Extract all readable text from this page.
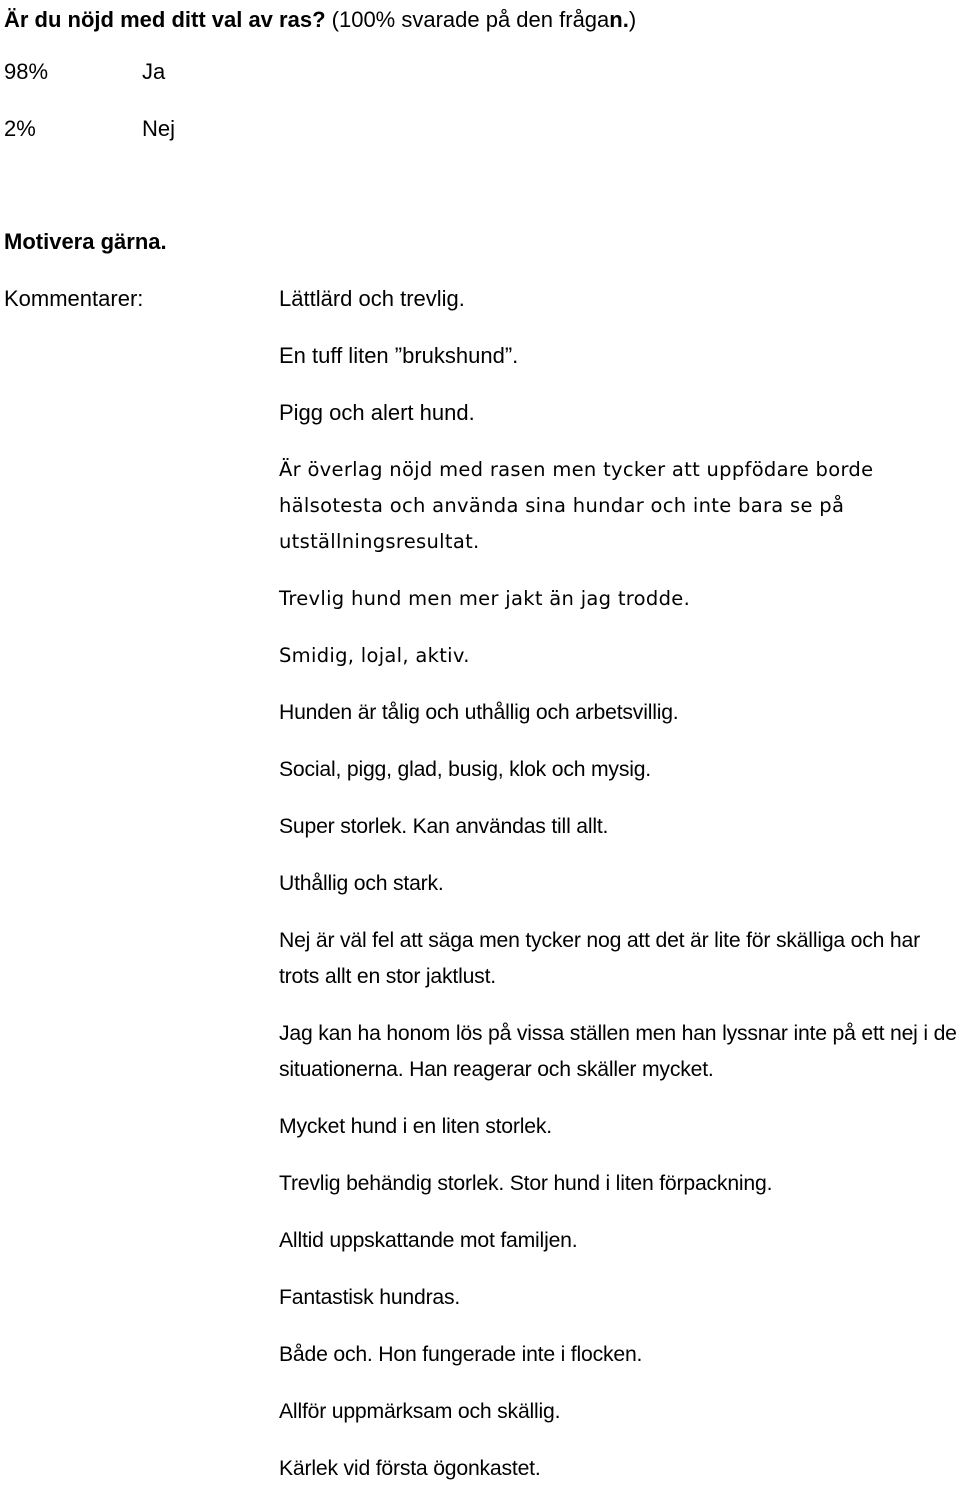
Är du nöjd med ditt val av ras? (100% svarade på den frågan.)
98%	Ja
2%	Nej
Motivera gärna.
Kommentarer:	Lättlärd och trevlig.
En tuff liten ”brukshund”.
Pigg och alert hund.
Är överlag nöjd med rasen men tycker att uppfödare borde hälsotesta och använda sina hundar och inte bara se på utställningsresultat.
Trevlig hund men mer jakt än jag trodde.
Smidig, lojal, aktiv.
Hunden är tålig och uthållig och arbetsvillig.
Social, pigg, glad, busig, klok och mysig.
Super storlek. Kan användas till allt.
Uthållig och stark.
Nej är väl fel att säga men tycker nog att det är lite för skälliga och har trots allt en stor jaktlust.
Jag kan ha honom lös på vissa ställen men han lyssnar inte på ett nej i de situationerna. Han reagerar och skäller mycket.
Mycket hund i en liten storlek.
Trevlig behändig storlek. Stor hund i liten förpackning.
Alltid uppskattande mot familjen.
Fantastisk hundras.
Både och. Hon fungerade inte i flocken.
Allför uppmärksam och skällig.
Kärlek vid första ögonkastet.
